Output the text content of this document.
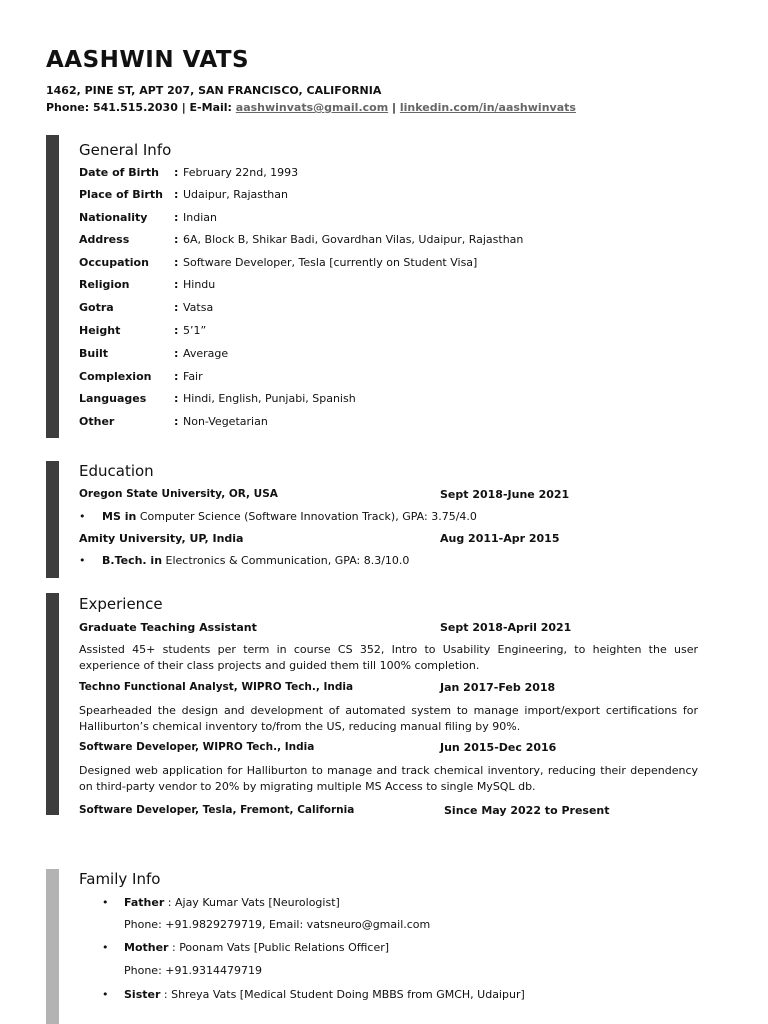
AASHWIN VATS
1462, PINE ST, APT 207, SAN FRANCISCO, CALIFORNIA
Phone: 541.515.2030 | E-Mail: aashwinvats@gmail.com | linkedin.com/in/aashwinvats
General Info
Date of Birth : February 22nd, 1993
Place of Birth : Udaipur, Rajasthan
Nationality : Indian
Address	: 6A, Block B, Shikar Badi, Govardhan Vilas, Udaipur, Rajasthan
Occupation : Software Developer, Tesla [currently on Student Visa]
Religion	: Hindu
Gotra	: Vatsa
Height	: 5’1”
Built	: Average
Complexion : Fair
Languages	: Hindi, English, Punjabi, Spanish
Other	: Non-Vegetarian
Education
Oregon State University, OR, USA	Sept 2018-June 2021
• MS in Computer Science (Software Innovation Track), GPA: 3.75/4.0
Amity University, UP, India	Aug 2011-Apr 2015
• B.Tech. in Electronics & Communication, GPA: 8.3/10.0
Experience
Graduate Teaching Assistant	Sept 2018-April 2021
Assisted 45+ students per term in course CS 352, Intro to Usability Engineering, to heighten the user experience of their class projects and guided them till 100% completion.
Techno Functional Analyst, WIPRO Tech., India	Jan 2017-Feb 2018
Spearheaded the design and development of automated system to manage import/export certifications for Halliburton’s chemical inventory to/from the US, reducing manual filing by 90%.
Software Developer, WIPRO Tech., India	Jun 2015-Dec 2016
Designed web application for Halliburton to manage and track chemical inventory, reducing their dependency on third-party vendor to 20% by migrating multiple MS Access to single MySQL db.
Software Developer, Tesla, Fremont, California	Since May 2022 to Present
Family Info
• Father : Ajay Kumar Vats [Neurologist]
Phone: +91.9829279719, Email: vatsneuro@gmail.com
• Mother : Poonam Vats [Public Relations Officer]
Phone: +91.9314479719
• Sister : Shreya Vats [Medical Student Doing MBBS from GMCH, Udaipur]
